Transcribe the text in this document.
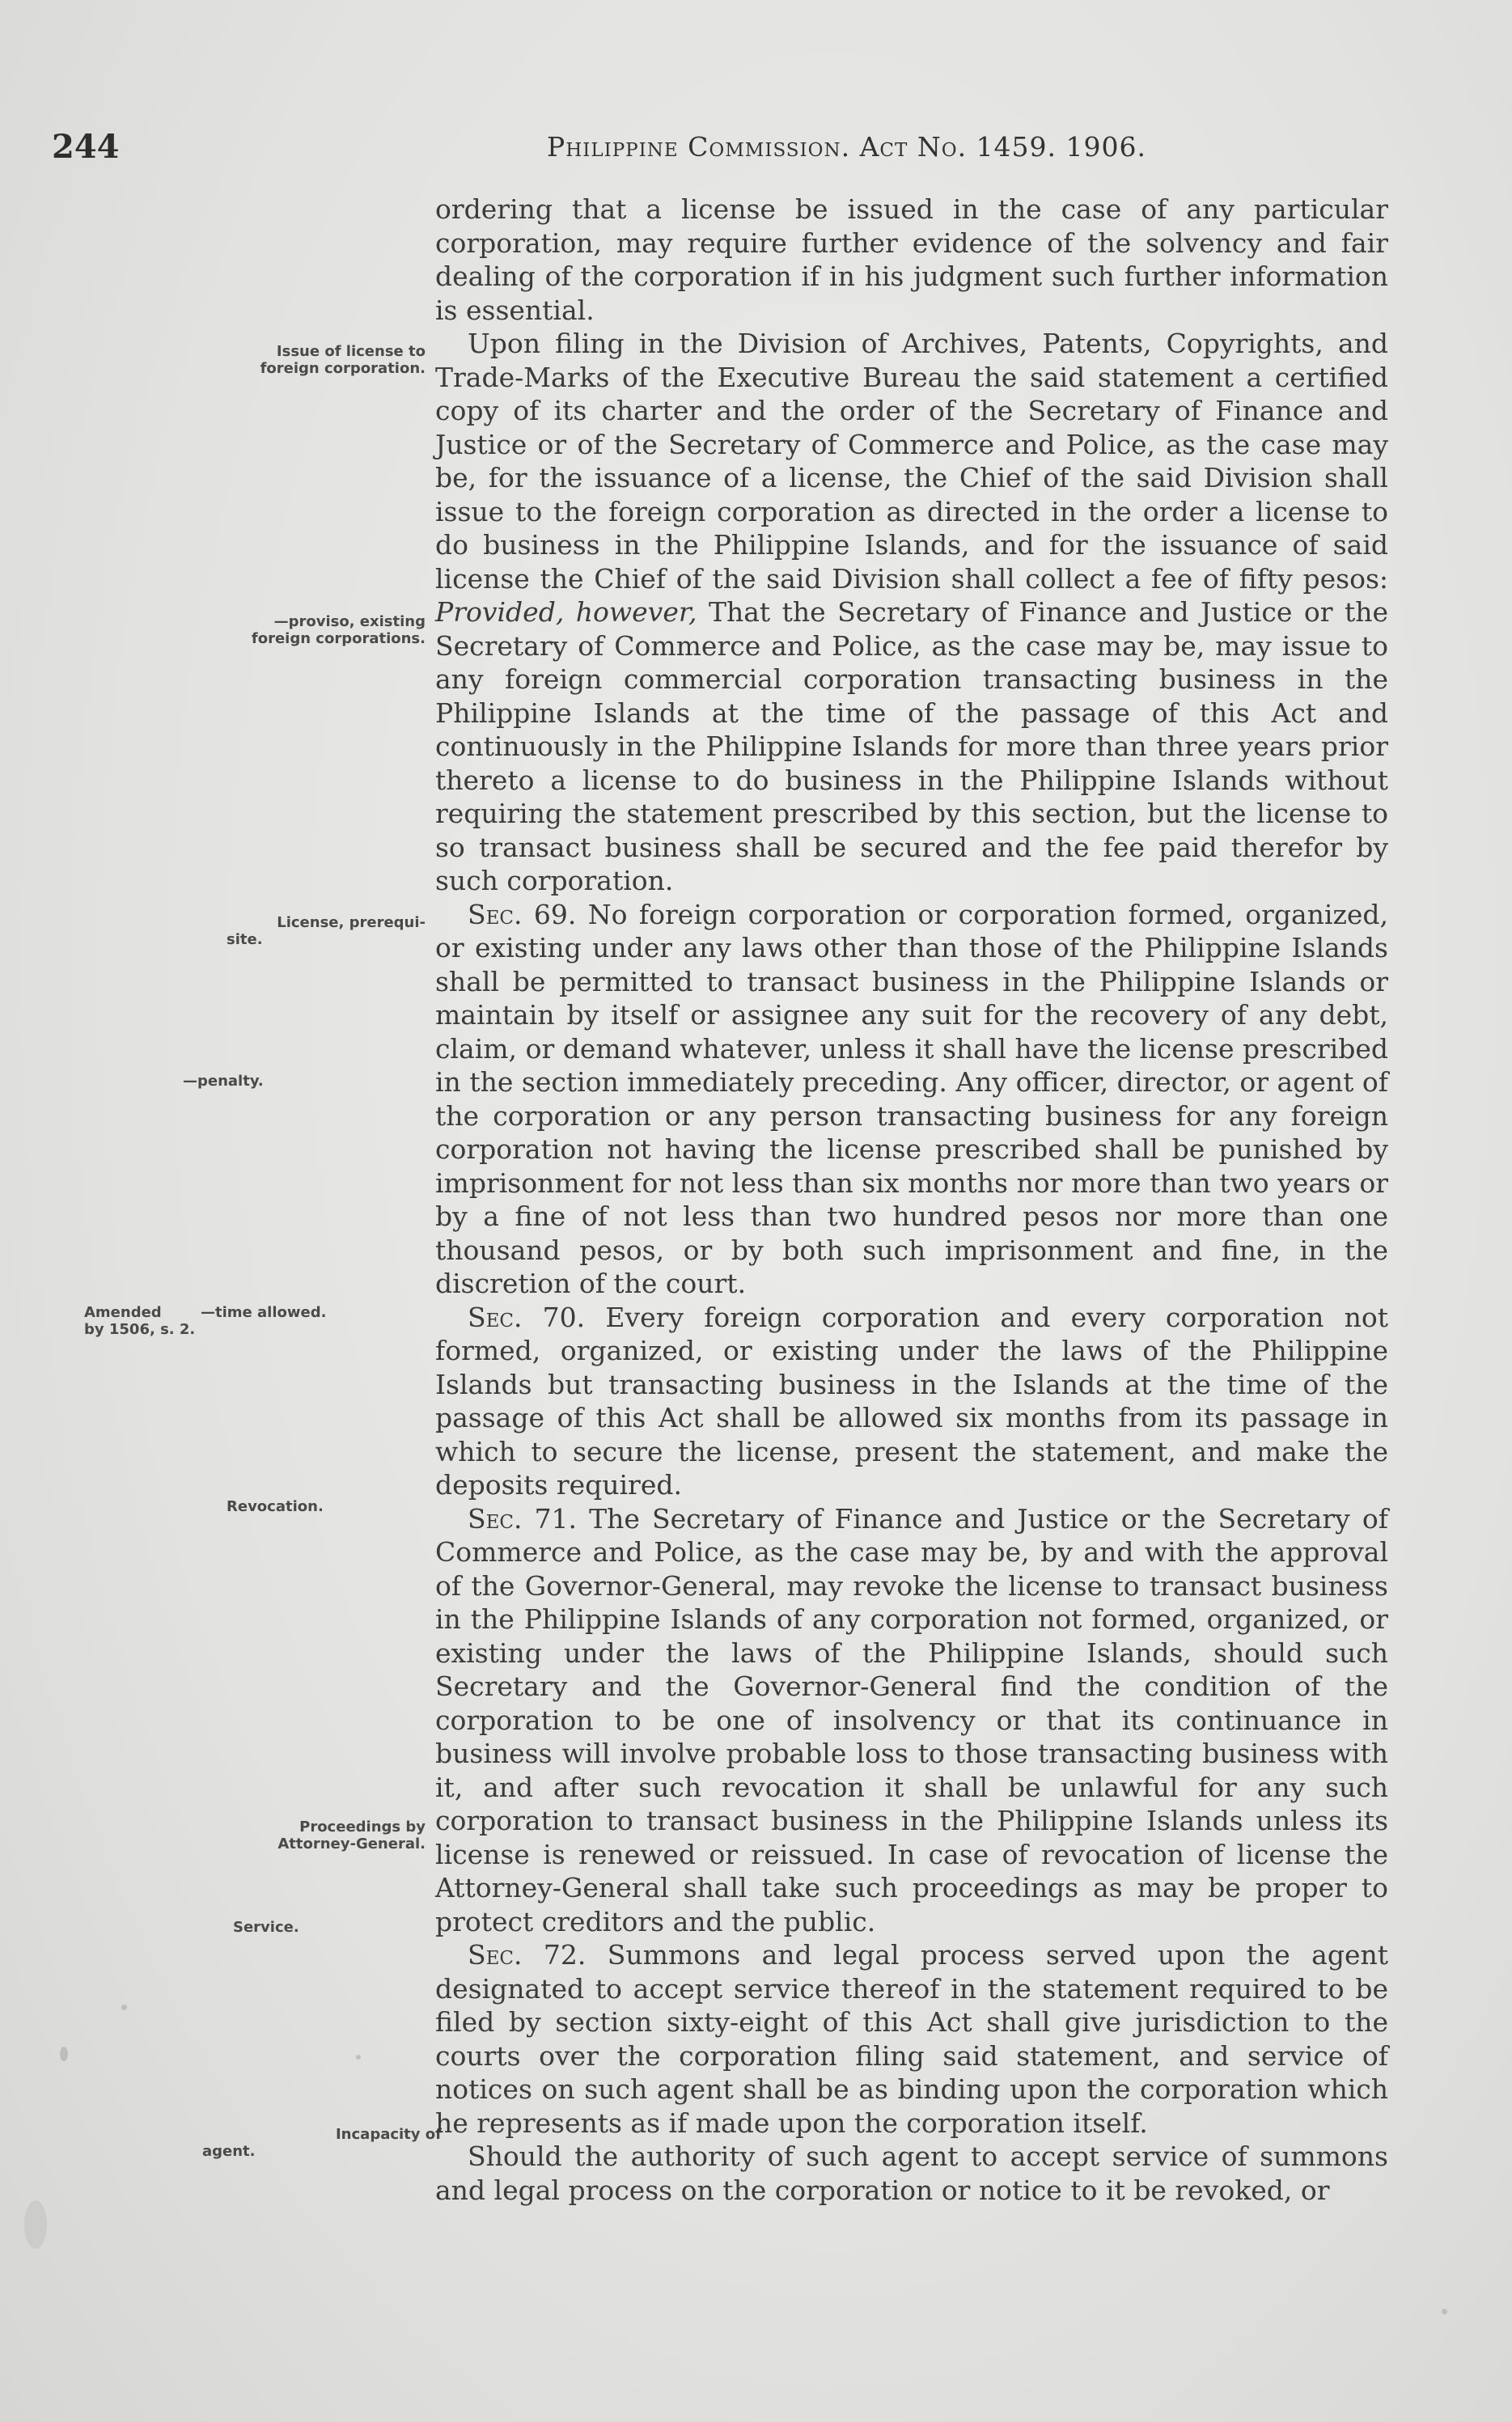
244	Philippine Commission. Act No. 1459. 1906.
Issue of license to
foreign corporation.
—proviso, existing
foreign corporations.
License, prerequi-
site.
—penalty.
Amended
by 1506, s. 2.
—time allowed.
Revocation.
Proceedings by
Attorney-General.
Service.
Incapacity of
agent.

ordering that a license be issued in the case of any particular corporation, may require further evidence of the solvency and fair dealing of the corporation if in his judgment such further information is essential.

Upon filing in the Division of Archives, Patents, Copyrights, and Trade-Marks of the Executive Bureau the said statement a certified copy of its charter and the order of the Secretary of Finance and Justice or of the Secretary of Commerce and Police, as the case may be, for the issuance of a license, the Chief of the said Division shall issue to the foreign corporation as directed in the order a license to do business in the Philippine Islands, and for the issuance of said license the Chief of the said Division shall collect a fee of fifty pesos: Provided, however, That the Secretary of Finance and Justice or the Secretary of Commerce and Police, as the case may be, may issue to any foreign commercial corporation transacting business in the Philippine Islands at the time of the passage of this Act and continuously in the Philippine Islands for more than three years prior thereto a license to do business in the Philippine Islands without requiring the statement prescribed by this section, but the license to so transact business shall be secured and the fee paid therefor by such corporation.

Sec. 69. No foreign corporation or corporation formed, organized, or existing under any laws other than those of the Philippine Islands shall be permitted to transact business in the Philippine Islands or maintain by itself or assignee any suit for the recovery of any debt, claim, or demand whatever, unless it shall have the license prescribed in the section immediately preceding. Any officer, director, or agent of the corporation or any person transacting business for any foreign corporation not having the license prescribed shall be punished by imprisonment for not less than six months nor more than two years or by a fine of not less than two hundred pesos nor more than one thousand pesos, or by both such imprisonment and fine, in the discretion of the court.

Sec. 70. Every foreign corporation and every corporation not formed, organized, or existing under the laws of the Philippine Islands but transacting business in the Islands at the time of the passage of this Act shall be allowed six months from its passage in which to secure the license, present the statement, and make the deposits required.

Sec. 71. The Secretary of Finance and Justice or the Secretary of Commerce and Police, as the case may be, by and with the approval of the Governor-General, may revoke the license to transact business in the Philippine Islands of any corporation not formed, organized, or existing under the laws of the Philippine Islands, should such Secretary and the Governor-General find the condition of the corporation to be one of insolvency or that its continuance in business will involve probable loss to those transacting business with it, and after such revocation it shall be unlawful for any such corporation to transact business in the Philippine Islands unless its license is renewed or reissued. In case of revocation of license the Attorney-General shall take such proceedings as may be proper to protect creditors and the public.

Sec. 72. Summons and legal process served upon the agent designated to accept service thereof in the statement required to be filed by section sixty-eight of this Act shall give jurisdiction to the courts over the corporation filing said statement, and service of notices on such agent shall be as binding upon the corporation which he represents as if made upon the corporation itself.

Should the authority of such agent to accept service of summons and legal process on the corporation or notice to it be revoked, or
